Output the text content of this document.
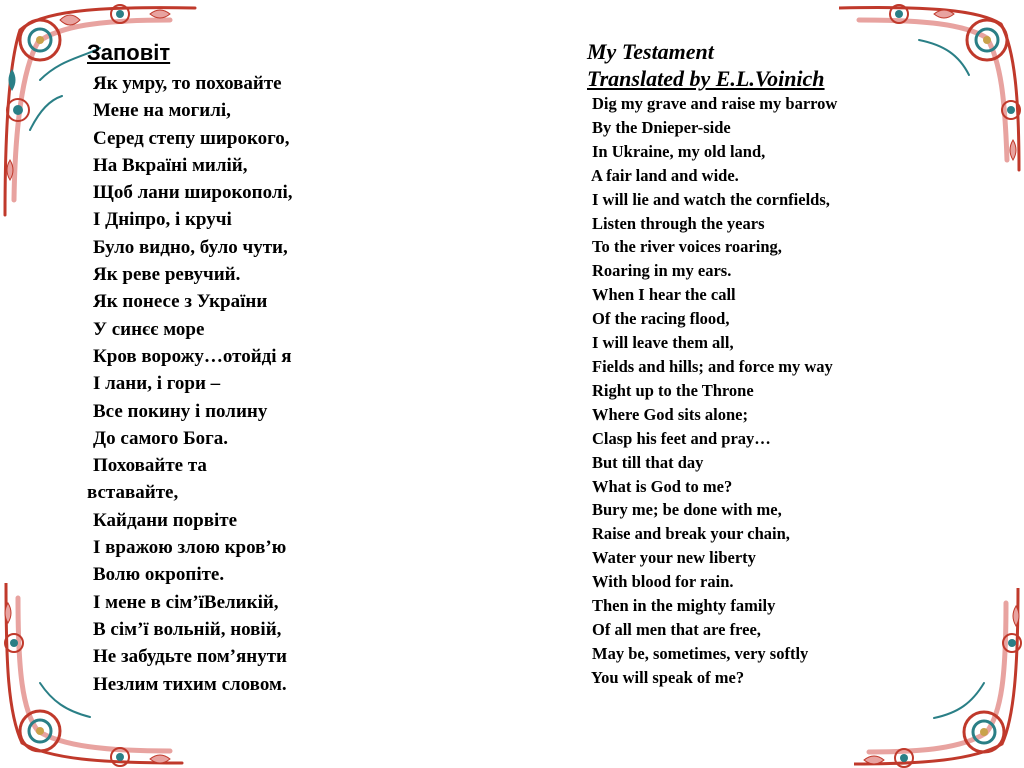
Заповіт
Як умру, то поховайте
Мене на могилі,
Серед степу широкого,
На Вкраїні милій,
Щоб лани широкополі,
І Дніпро, і кручі
Було видно, було чути,
Як реве ревучий.
Як понесе з України
У синєє море
Кров ворожу…отойді я
І лани, і гори –
Все покину і полину
До самого Бога.
Поховайте та
вставайте,
Кайдани порвіте
І вражою злою кров’ю
Волю окропіте.
І мене в сім’їВеликій,
В сім’ї вольній, новій,
Не забудьте пом’янути
Незлим тихим словом.
My Testament
Translated by E.L.Voinich
Dig my grave and raise my barrow
By the Dnieper-side
In Ukraine, my old land,
A fair land and wide.
I will lie and watch the cornfields,
Listen through the years
To the river voices roaring,
Roaring in my ears.
When I hear the call
Of the racing flood,
I will leave them all,
Fields and hills; and force my way
Right up to the Throne
Where God sits alone;
Clasp his feet and pray…
But till that day
What is God to me?
Bury me; be done with me,
Raise and break your chain,
Water your new liberty
With blood for rain.
Then in the mighty family
Of all men that are free,
May be, sometimes, very softly
You will speak of me?
